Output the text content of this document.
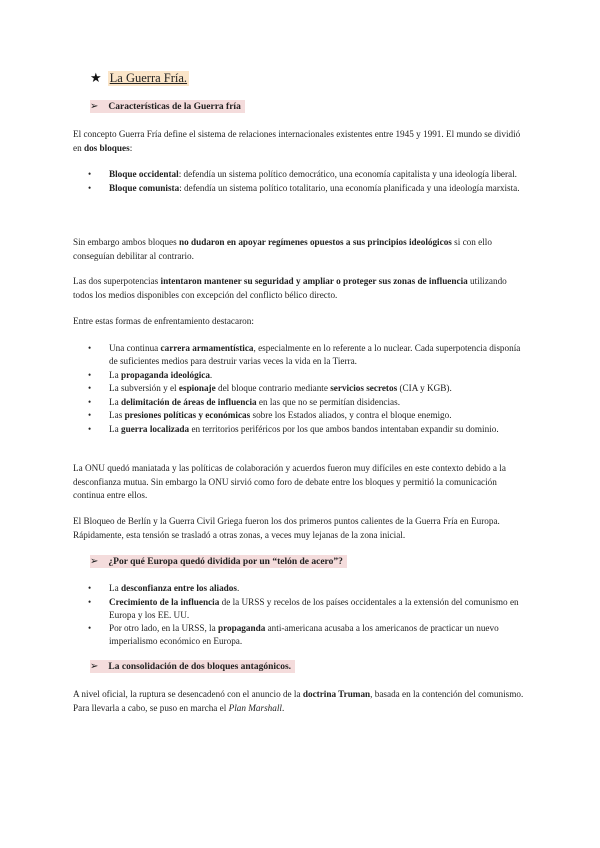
★ La Guerra Fría.
➢ Características de la Guerra fría

El concepto Guerra Fría define el sistema de relaciones internacionales existentes entre 1945 y 1991. El mundo se dividió en dos bloques:

• Bloque occidental: defendía un sistema político democrático, una economía capitalista y una ideología liberal.
• Bloque comunista: defendía un sistema político totalitario, una economía planificada y una ideología marxista.

Sin embargo ambos bloques no dudaron en apoyar regímenes opuestos a sus principios ideológicos si con ello conseguían debilitar al contrario.

Las dos superpotencias intentaron mantener su seguridad y ampliar o proteger sus zonas de influencia utilizando todos los medios disponibles con excepción del conflicto bélico directo.

Entre estas formas de enfrentamiento destacaron:

• Una continua carrera armamentística, especialmente en lo referente a lo nuclear. Cada superpotencia disponía de suficientes medios para destruir varias veces la vida en la Tierra.
• La propaganda ideológica.
• La subversión y el espionaje del bloque contrario mediante servicios secretos (CIA y KGB).
• La delimitación de áreas de influencia en las que no se permitían disidencias.
• Las presiones políticas y económicas sobre los Estados aliados, y contra el bloque enemigo.
• La guerra localizada en territorios periféricos por los que ambos bandos intentaban expandir su dominio.

La ONU quedó maniatada y las políticas de colaboración y acuerdos fueron muy difíciles en este contexto debido a la desconfianza mutua. Sin embargo la ONU sirvió como foro de debate entre los bloques y permitió la comunicación continua entre ellos.

El Bloqueo de Berlín y la Guerra Civil Griega fueron los dos primeros puntos calientes de la Guerra Fría en Europa. Rápidamente, esta tensión se trasladó a otras zonas, a veces muy lejanas de la zona inicial.

➢ ¿Por qué Europa quedó dividida por un “telón de acero”?
• La desconfianza entre los aliados.
• Crecimiento de la influencia de la URSS y recelos de los países occidentales a la extensión del comunismo en Europa y los EE. UU.
• Por otro lado, en la URSS, la propaganda anti-americana acusaba a los americanos de practicar un nuevo imperialismo económico en Europa.
➢ La consolidación de dos bloques antagónicos.

A nivel oficial, la ruptura se desencadenó con el anuncio de la doctrina Truman, basada en la contención del comunismo. Para llevarla a cabo, se puso en marcha el Plan Marshall.
